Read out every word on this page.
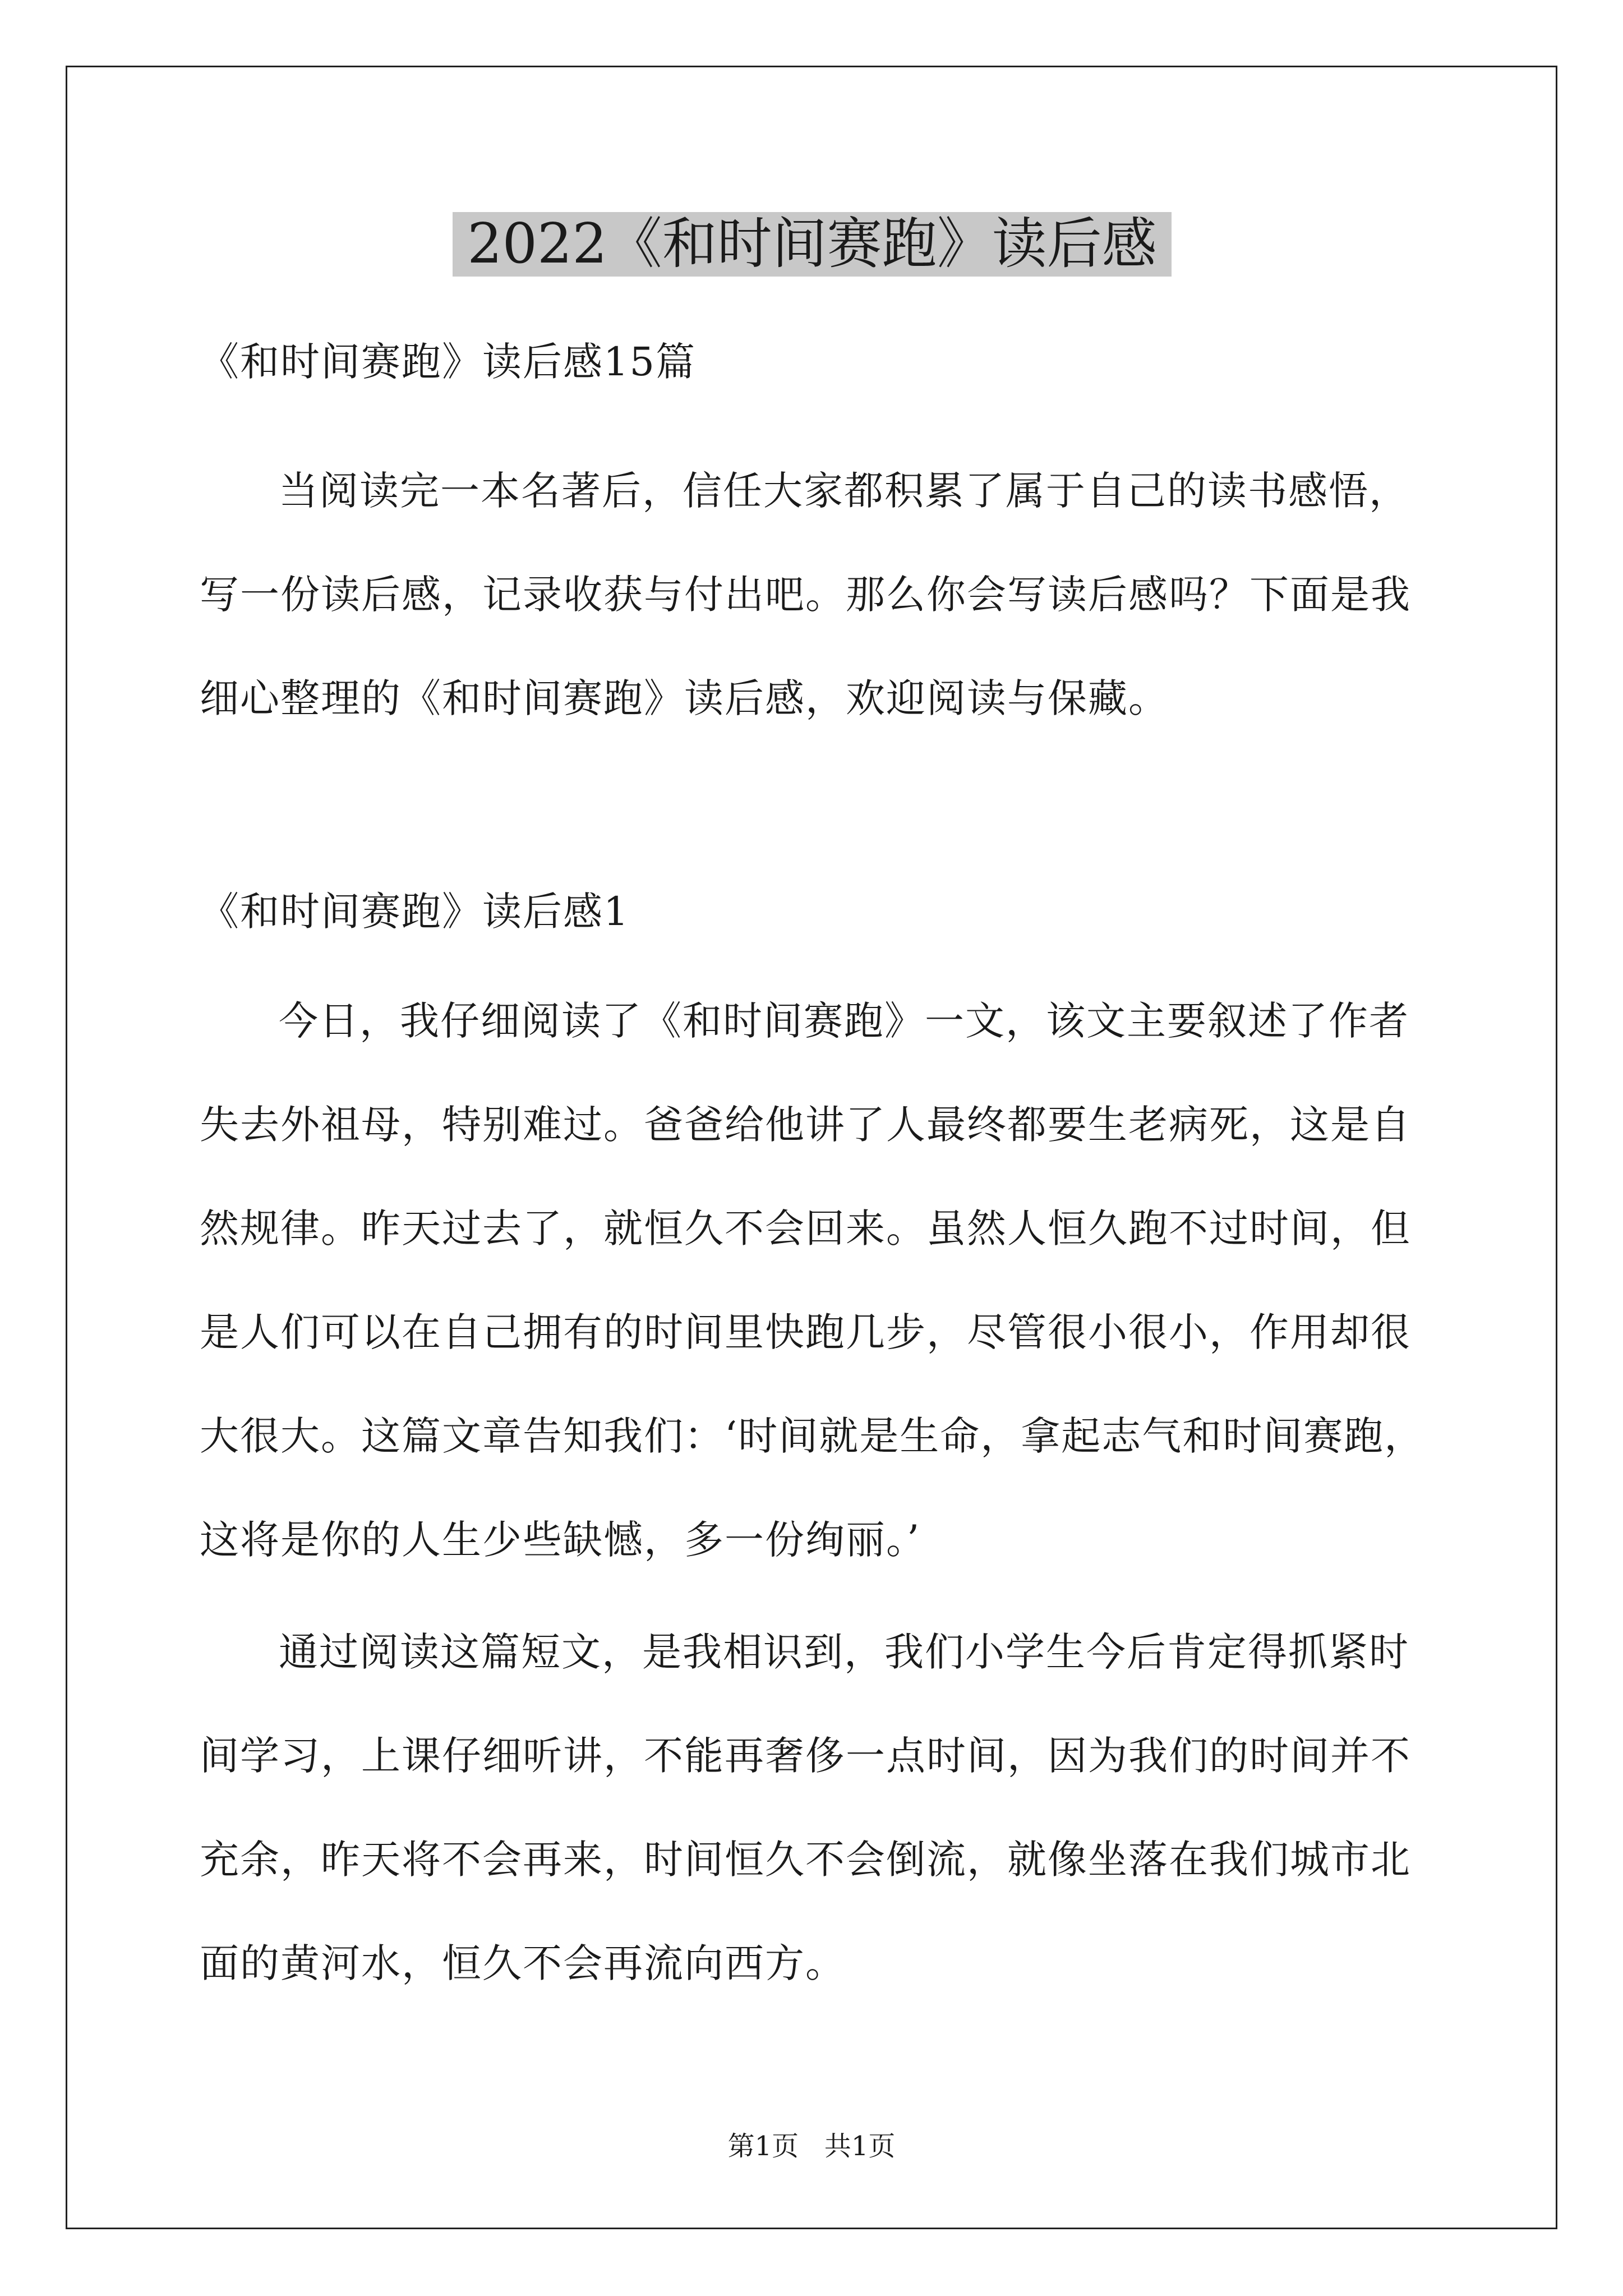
2022《和时间赛跑》读后感
《和时间赛跑》读后感15篇
当阅读完一本名著后，信任大家都积累了属于自己的读书感悟，
写一份读后感，记录收获与付出吧。那么你会写读后感吗？下面是我
细心整理的《和时间赛跑》读后感，欢迎阅读与保藏。
《和时间赛跑》读后感1
今日，我仔细阅读了《和时间赛跑》一文，该文主要叙述了作者
失去外祖母，特别难过。爸爸给他讲了人最终都要生老病死，这是自
然规律。昨天过去了，就恒久不会回来。虽然人恒久跑不过时间，但
是人们可以在自己拥有的时间里快跑几步，尽管很小很小，作用却很
大很大。这篇文章告知我们：‘时间就是生命，拿起志气和时间赛跑，
这将是你的人生少些缺憾，多一份绚丽。’
通过阅读这篇短文，是我相识到，我们小学生今后肯定得抓紧时
间学习，上课仔细听讲，不能再奢侈一点时间，因为我们的时间并不
充余，昨天将不会再来，时间恒久不会倒流，就像坐落在我们城市北
面的黄河水，恒久不会再流向西方。
第1页   共1页
